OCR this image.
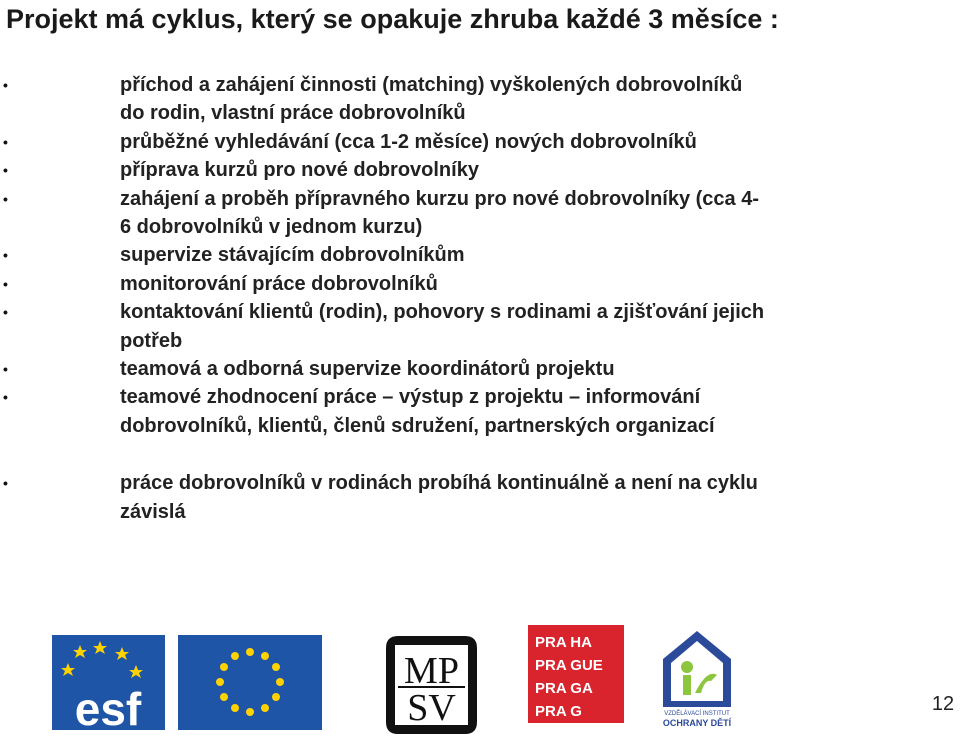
Projekt má cyklus, který se opakuje zhruba každé 3 měsíce :
•	příchod a zahájení činnosti (matching) vyškolených dobrovolníků do rodin, vlastní práce dobrovolníků
•	průběžné vyhledávání (cca 1-2 měsíce) nových dobrovolníků
•	příprava kurzů pro nové dobrovolníky
•	zahájení a proběh přípravného kurzu pro nové dobrovolníky (cca 4-6 dobrovolníků v jednom kurzu)
•	supervize stávajícím dobrovolníkům
•	monitorování práce dobrovolníků
•	kontaktování klientů (rodin), pohovory s rodinami a zjišťování jejich potřeb
•	teamová a odborná supervize koordinátorů projektu
•	teamové zhodnocení práce – výstup z projektu – informování dobrovolníků, klientů, členů sdružení, partnerských organizací
•	práce dobrovolníků v rodinách probíhá kontinuálně a není na cyklu závislá
esf
MP
SV
PRA HA
PRA GUE
PRA GA
PRA G	VZDĚLÁVACÍ INSTITUT
OCHRANY DĚTÍ
12
